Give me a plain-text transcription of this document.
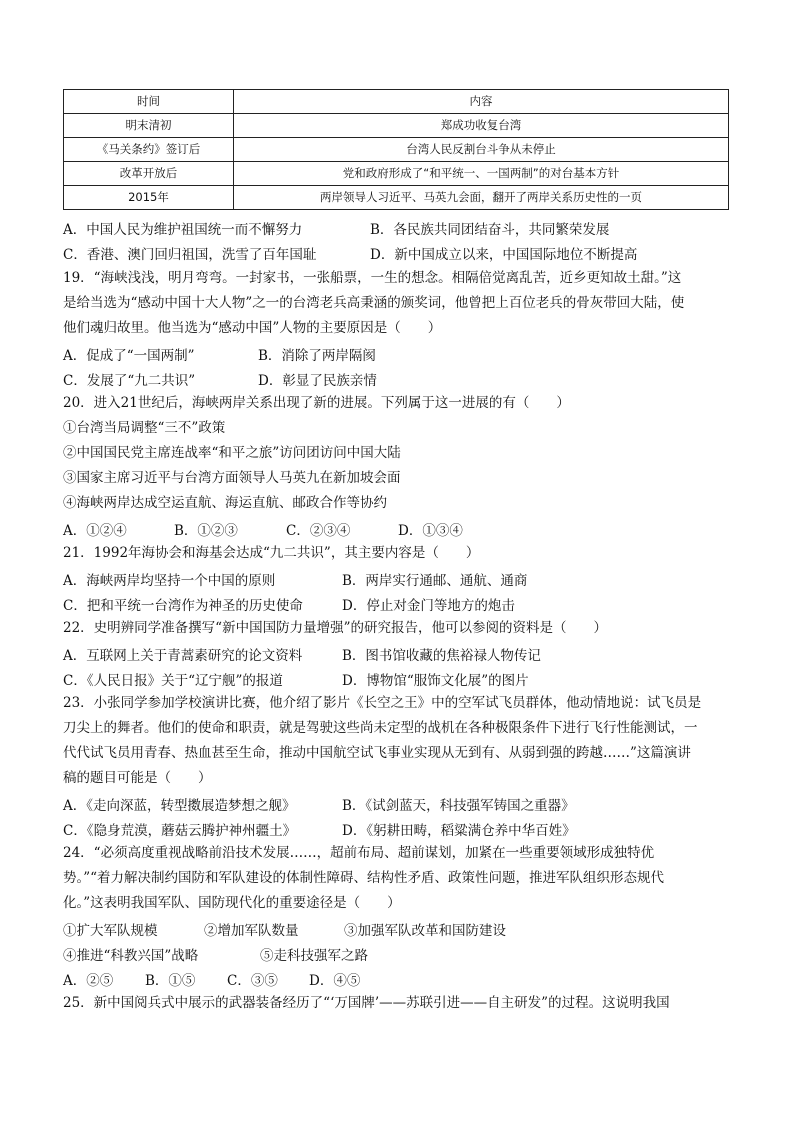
时间	内容
明末清初	郑成功收复台湾
《马关条约》签订后	台湾人民反割台斗争从未停止
改革开放后	党和政府形成了“和平统一、一国两制”的对台基本方针
2015年	两岸领导人习近平、马英九会面，翻开了两岸关系历史性的一页
A．中国人民为维护祖国统一而不懈努力	B．各民族共同团结奋斗，共同繁荣发展
C．香港、澳门回归祖国，洗雪了百年国耻	D．新中国成立以来，中国国际地位不断提高
19．“海峡浅浅，明月弯弯。一封家书，一张船票，一生的想念。相隔倍觉离乱苦，近乡更知故土甜。”这
是给当选为“感动中国十大人物”之一的台湾老兵高秉涵的颁奖词，他曾把上百位老兵的骨灰带回大陆，使
他们魂归故里。他当选为“感动中国”人物的主要原因是（　　）
A．促成了“一国两制”	B．消除了两岸隔阂
C．发展了“九二共识”	D．彰显了民族亲情
20．进入21世纪后，海峡两岸关系出现了新的进展。下列属于这一进展的有（　　）
①台湾当局调整“三不”政策
②中国国民党主席连战率“和平之旅”访问团访问中国大陆
③国家主席习近平与台湾方面领导人马英九在新加坡会面
④海峡两岸达成空运直航、海运直航、邮政合作等协约
A．①②④	B．①②③	C．②③④	D．①③④
21．1992年海协会和海基会达成“九二共识”，其主要内容是（　　）
A．海峡两岸均坚持一个中国的原则	B．两岸实行通邮、通航、通商
C．把和平统一台湾作为神圣的历史使命	D．停止对金门等地方的炮击
22．史明辨同学准备撰写“新中国国防力量增强”的研究报告，他可以参阅的资料是（　　）
A．互联网上关于青蒿素研究的论文资料	B．图书馆收藏的焦裕禄人物传记
C．《人民日报》关于“辽宁舰”的报道	D．博物馆“服饰文化展”的图片
23．小张同学参加学校演讲比赛，他介绍了影片《长空之王》中的空军试飞员群体，他动情地说：试飞员是
刀尖上的舞者。他们的使命和职责，就是驾驶这些尚未定型的战机在各种极限条件下进行飞行性能测试，一
代代试飞员用青春、热血甚至生命，推动中国航空试飞事业实现从无到有、从弱到强的跨越……”这篇演讲
稿的题目可能是（　　）
A．《走向深蓝，转型擞展造梦想之舰》	B．《试剑蓝天，科技强军铸国之重器》
C．《隐身荒漠，蘑菇云腾护神州疆土》	D．《躬耕田畴，稻粱满仓养中华百姓》
24．“必须高度重视战略前沿技术发展……，超前布局、超前谋划，加紧在一些重要领域形成独特优
势。”“着力解决制约国防和军队建设的体制性障碍、结构性矛盾、政策性问题，推进军队组织形态规代
化。”这表明我国军队、国防现代化的重要途径是（　　）
①扩大军队规模	②增加军队数量	③加强军队改革和国防建设
④推进“科教兴国”战略	⑤走科技强军之路
A．②⑤ B．①⑤ C．③⑤ D．④⑤
25．新中国阅兵式中展示的武器装备经历了“‘万国牌’——苏联引进——自主研发”的过程。这说明我国
